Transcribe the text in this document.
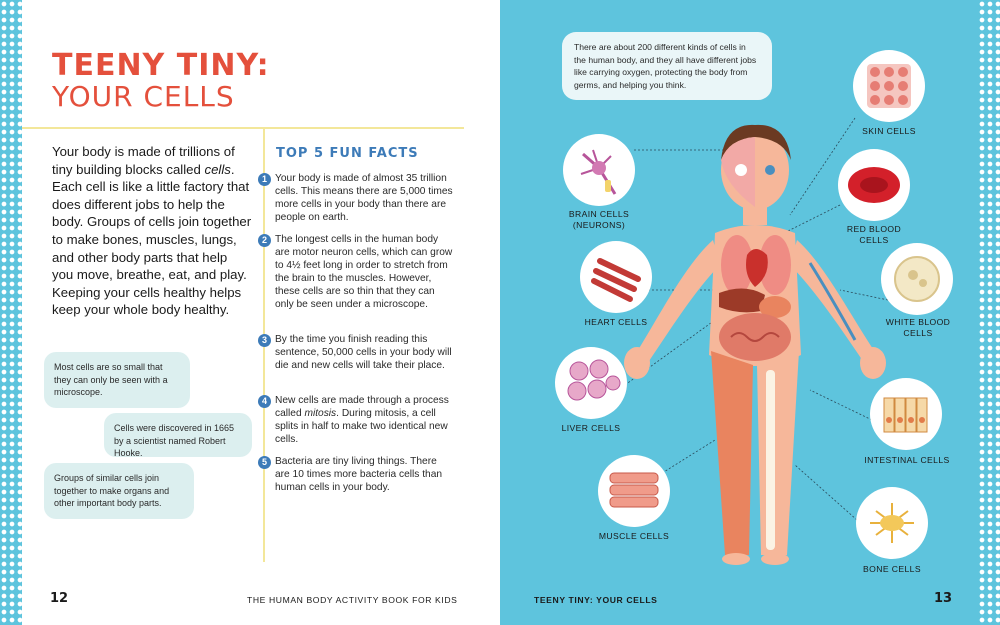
TEENY TINY:
YOUR CELLS

Your body is made of trillions of tiny building blocks called cells. Each cell is like a little factory that does different jobs to help the body. Groups of cells join together to make bones, muscles, lungs, and other body parts that help you move, breathe, eat, and play. Keeping your cells healthy helps keep your whole body healthy.

Most cells are so small that they can only be seen with a microscope.
Cells were discovered in 1665 by a scientist named Robert Hooke.
Groups of similar cells join together to make organs and other important body parts.
TOP 5 FUN FACTS
1 Your body is made of almost 35 trillion cells. This means there are 5,000 times more cells in your body than there are people on earth.
2 The longest cells in the human body are motor neuron cells, which can grow to 4½ feet long in order to stretch from the brain to the muscles. However, these cells are so thin that they can only be seen under a microscope.
3 By the time you finish reading this sentence, 50,000 cells in your body will die and new cells will take their place.
4 New cells are made through a process called mitosis. During mitosis, a cell splits in half to make two identical new cells.
5 Bacteria are tiny living things. There are 10 times more bacteria cells than human cells in your body.
12	THE HUMAN BODY ACTIVITY BOOK FOR KIDS
There are about 200 different kinds of cells in the human body, and they all have different jobs like carrying oxygen, protecting the body from germs, and helping you think.
SKIN CELLS
BRAIN CELLS
(NEURONS)	RED BLOOD
CELLS
HEART CELLS	WHITE BLOOD
CELLS
LIVER CELLS
INTESTINAL CELLS
MUSCLE CELLS
BONE CELLS
TEENY TINY: YOUR CELLS	13
